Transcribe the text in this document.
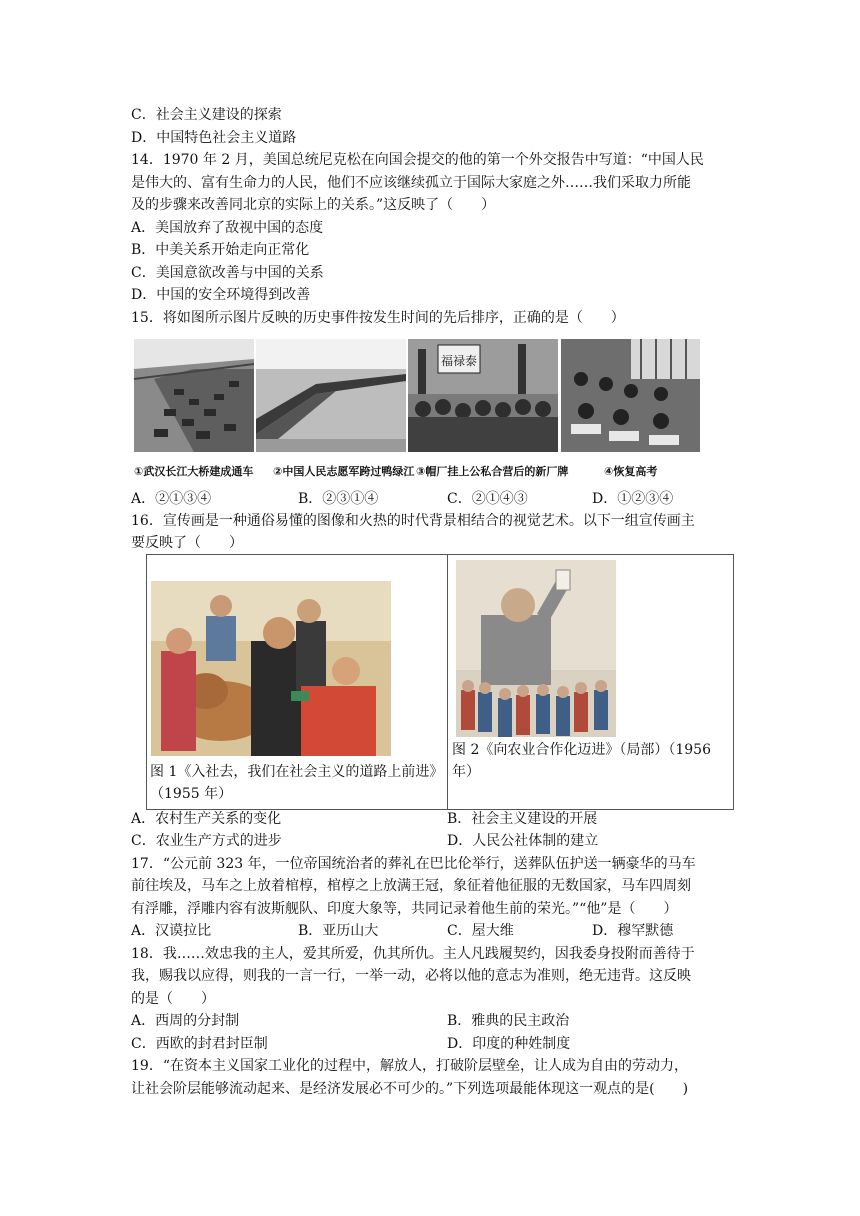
C．社会主义建设的探索
D．中国特色社会主义道路
14．1970 年 2 月，美国总统尼克松在向国会提交的他的第一个外交报告中写道：“中国人民
是伟大的、富有生命力的人民，他们不应该继续孤立于国际大家庭之外……我们采取力所能
及的步骤来改善同北京的实际上的关系。”这反映了（　　）
A．美国放弃了敌视中国的态度
B．中美关系开始走向正常化
C．美国意欲改善与中国的关系
D．中国的安全环境得到改善
15．将如图所示图片反映的历史事件按发生时间的先后排序，正确的是（　　）
福禄泰
①武汉长江大桥建成通车 ②中国人民志愿军跨过鸭绿江 ③帽厂挂上公私合营后的新厂牌	④恢复高考
A．②①③④	B．②③①④	C．②①④③	D．①②③④
16．宣传画是一种通俗易懂的图像和火热的时代背景相结合的视觉艺术。以下一组宣传画主
要反映了（　　）
图 1《入社去，我们在社会主义的道路上前进》
（1955 年）
图 2《向农业合作化迈进》（局部）（1956
年）
A．农村生产关系的变化	B．社会主义建设的开展
C．农业生产方式的进步	D．人民公社体制的建立
17．“公元前 323 年，一位帝国统治者的葬礼在巴比伦举行，送葬队伍护送一辆豪华的马车
前往埃及，马车之上放着棺椁，棺椁之上放满王冠，象征着他征服的无数国家，马车四周刻
有浮雕，浮雕内容有波斯舰队、印度大象等，共同记录着他生前的荣光。”“他”是（　　）
A．汉谟拉比	B．亚历山大	C．屋大维	D．穆罕默德
18．我……效忠我的主人，爱其所爱，仇其所仇。主人凡践履契约，因我委身投附而善待于
我，赐我以应得，则我的一言一行，一举一动，必将以他的意志为准则，绝无违背。这反映
的是（　　）
A．西周的分封制	B．雅典的民主政治
C．西欧的封君封臣制	D．印度的种姓制度
19．“在资本主义国家工业化的过程中，解放人，打破阶层壁垒，让人成为自由的劳动力，
让社会阶层能够流动起来、是经济发展必不可少的。”下列选项最能体现这一观点的是(　　)
